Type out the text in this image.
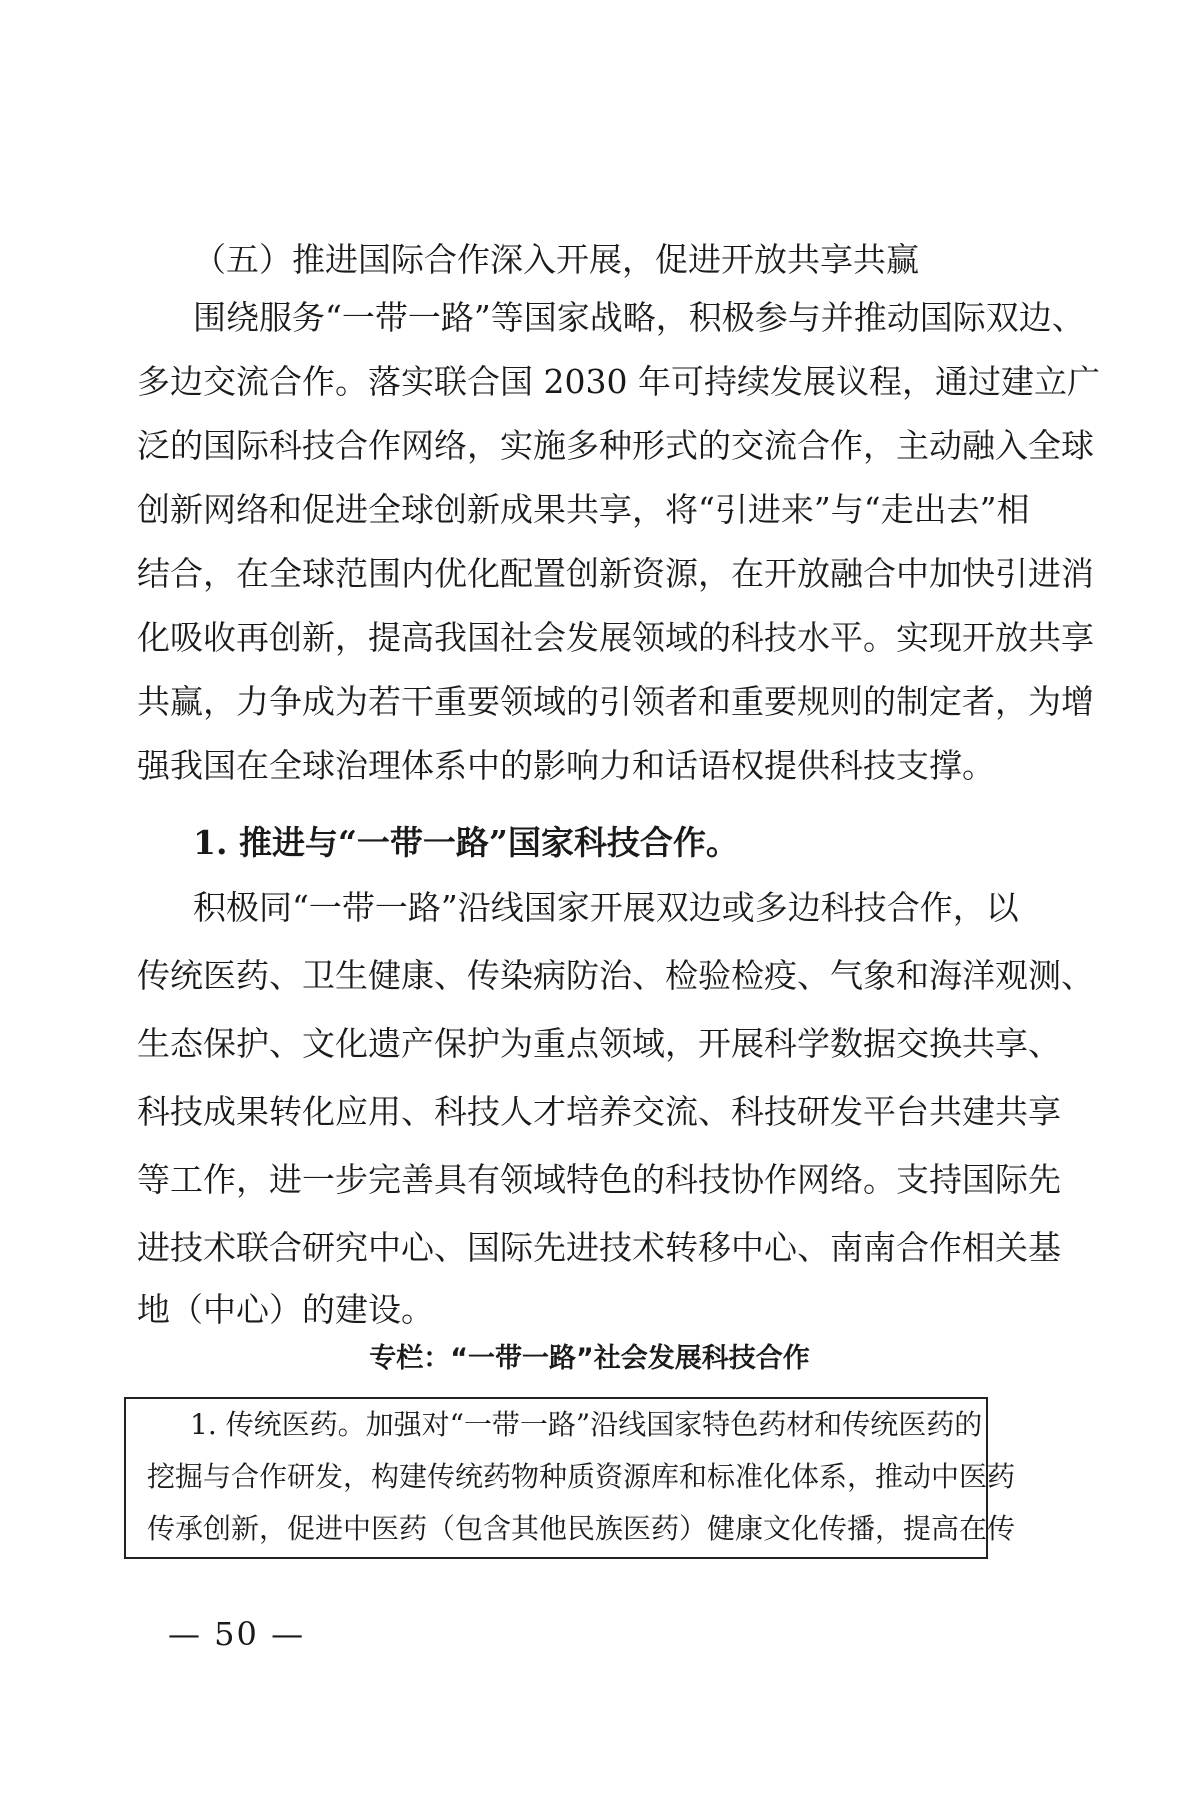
（五）推进国际合作深入开展，促进开放共享共赢
围绕服务“一带一路”等国家战略，积极参与并推动国际双边、
多边交流合作。落实联合国 2030 年可持续发展议程，通过建立广
泛的国际科技合作网络，实施多种形式的交流合作，主动融入全球
创新网络和促进全球创新成果共享，将“引进来”与“走出去”相
结合，在全球范围内优化配置创新资源，在开放融合中加快引进消
化吸收再创新，提高我国社会发展领域的科技水平。实现开放共享
共赢，力争成为若干重要领域的引领者和重要规则的制定者，为增
强我国在全球治理体系中的影响力和话语权提供科技支撑。
1. 推进与“一带一路”国家科技合作。
积极同“一带一路”沿线国家开展双边或多边科技合作，以
传统医药、卫生健康、传染病防治、检验检疫、气象和海洋观测、
生态保护、文化遗产保护为重点领域，开展科学数据交换共享、
科技成果转化应用、科技人才培养交流、科技研发平台共建共享
等工作，进一步完善具有领域特色的科技协作网络。支持国际先
进技术联合研究中心、国际先进技术转移中心、南南合作相关基
地（中心）的建设。
专栏：“一带一路”社会发展科技合作
1. 传统医药。加强对“一带一路”沿线国家特色药材和传统医药的
挖掘与合作研发，构建传统药物种质资源库和标准化体系，推动中医药
传承创新，促进中医药（包含其他民族医药）健康文化传播，提高在传
— 50 —
